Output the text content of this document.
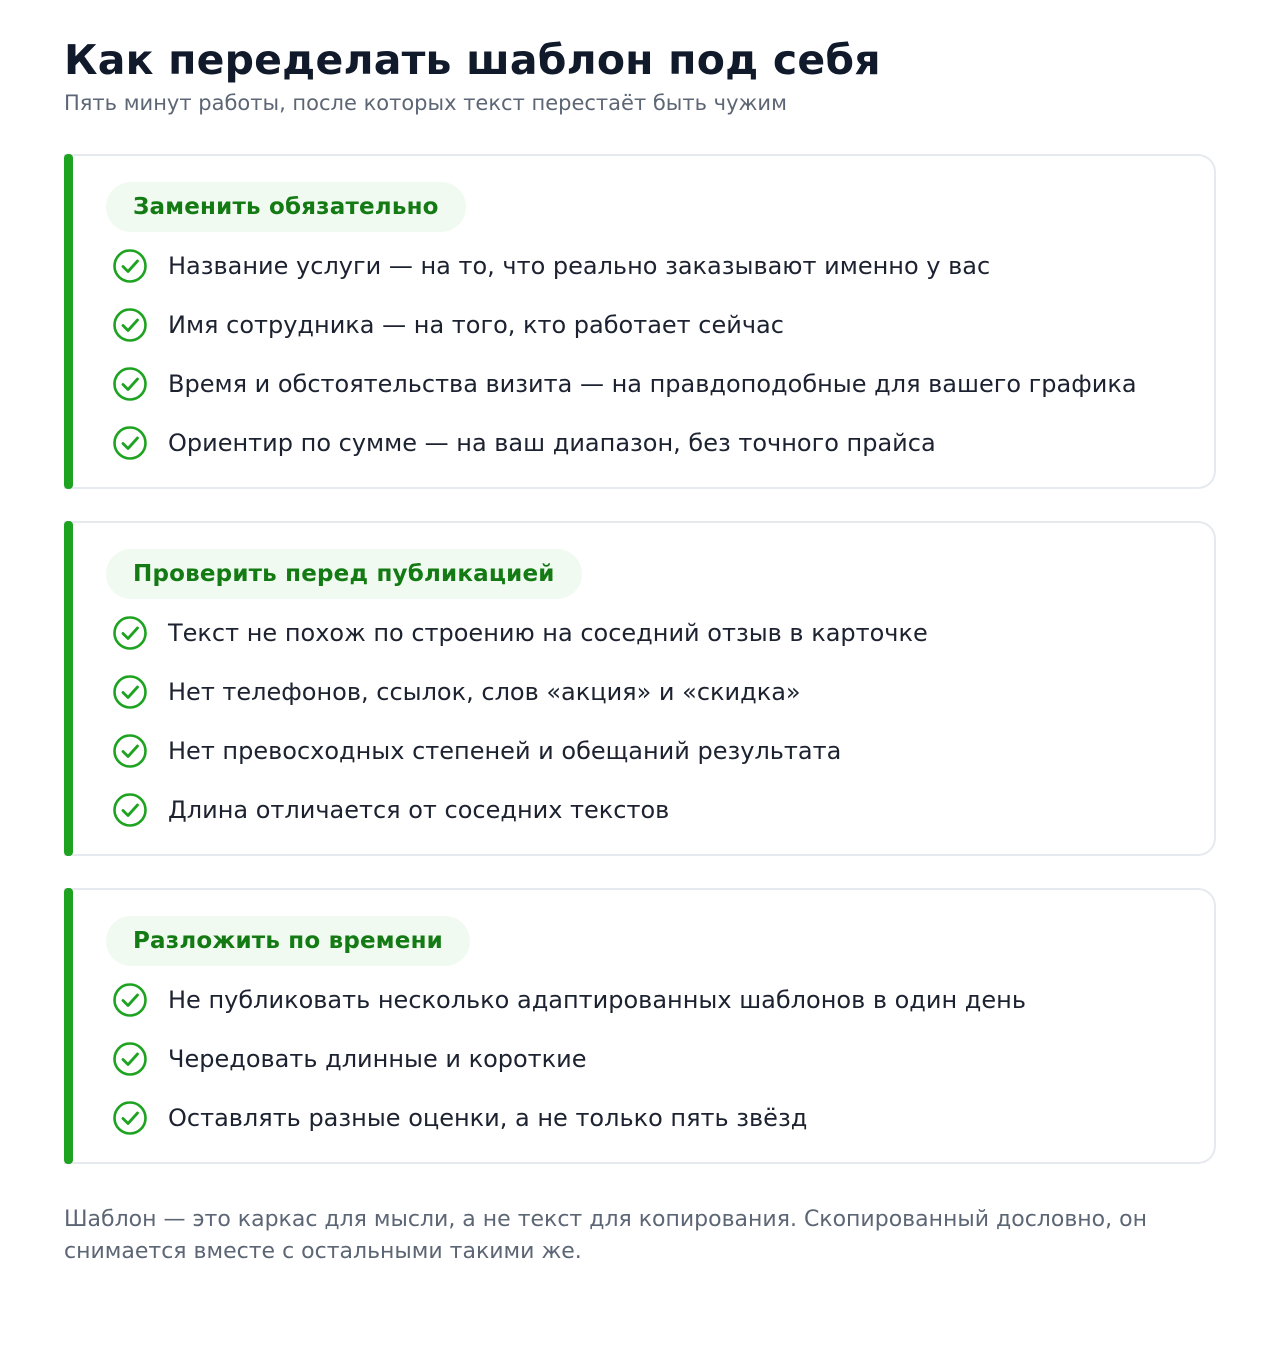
Как переделать шаблон под себя

Пять минут работы, после которых текст перестаёт быть чужим

Заменить обязательно
Название услуги — на то, что реально заказывают именно у вас
Имя сотрудника — на того, кто работает сейчас
Время и обстоятельства визита — на правдоподобные для вашего графика
Ориентир по сумме — на ваш диапазон, без точного прайса
Проверить перед публикацией
Текст не похож по строению на соседний отзыв в карточке
Нет телефонов, ссылок, слов «акция» и «скидка»
Нет превосходных степеней и обещаний результата
Длина отличается от соседних текстов
Разложить по времени
Не публиковать несколько адаптированных шаблонов в один день
Чередовать длинные и короткие
Оставлять разные оценки, а не только пять звёзд

Шаблон — это каркас для мысли, а не текст для копирования. Скопированный дословно, он снимается вместе с остальными такими же.
